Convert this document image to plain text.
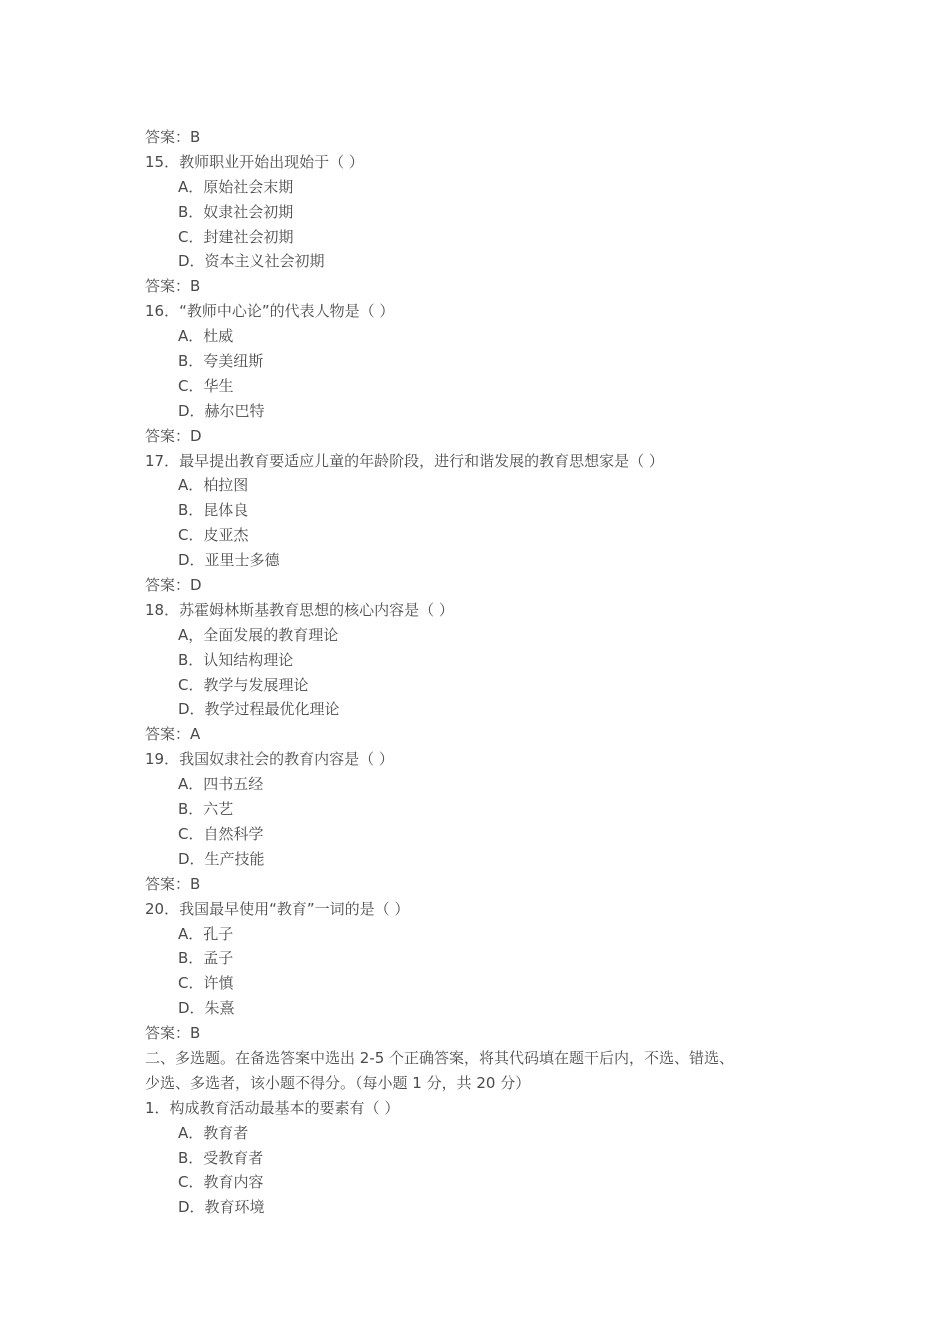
答案：B
15．教师职业开始出现始于（ ）
A．原始社会末期
B．奴隶社会初期
C．封建社会初期
D．资本主义社会初期
答案：B
16．“教师中心论”的代表人物是（ ）
A．杜威
B．夸美纽斯
C．华生
D．赫尔巴特
答案：D
17．最早提出教育要适应儿童的年龄阶段，进行和谐发展的教育思想家是（ ）
A．柏拉图
B．昆体良
C．皮亚杰
D．亚里士多德
答案：D
18．苏霍姆林斯基教育思想的核心内容是（ ）
A，全面发展的教育理论
B．认知结构理论
C．教学与发展理论
D．教学过程最优化理论
答案：A
19．我国奴隶社会的教育内容是（ ）
A．四书五经
B．六艺
C．自然科学
D．生产技能
答案：B
20．我国最早使用“教育”一词的是（ ）
A．孔子
B．孟子
C．许慎
D．朱熹
答案：B
二、多选题。在备选答案中选出 2-5 个正确答案，将其代码填在题干后内，不选、错选、
少选、多选者，该小题不得分。（每小题 1 分，共 20 分）
1．构成教育活动最基本的要素有（ ）
A．教育者
B．受教育者
C．教育内容
D．教育环境
